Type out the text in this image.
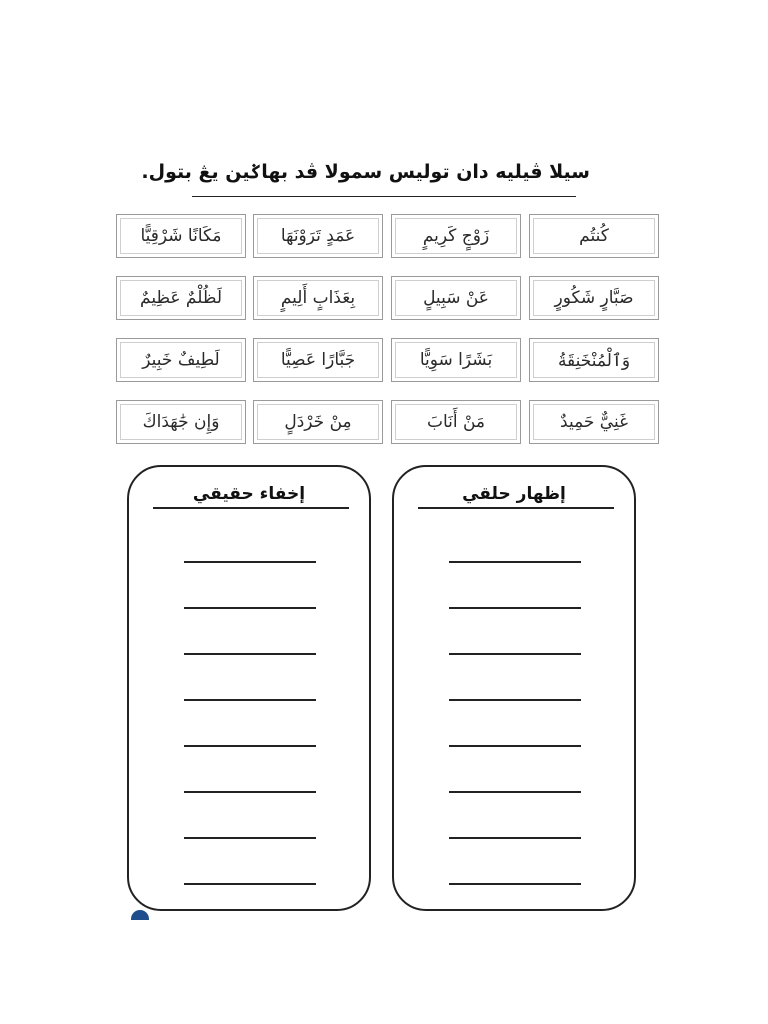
سيلا ڤيليه دان توليس سمولا ڤد بهاݢين يڠ بتول.
كُنتُم
زَوْجٍ كَرِيمٍ
عَمَدٍ تَرَوْنَهَا
مَكَانًا شَرْقِيًّا
صَبَّارٍ شَكُورٍ
عَنْ سَبِيلٍ
بِعَذَابٍ أَلِيمٍ
لَظُلْمٌ عَظِيمٌ
وَٱلْمُنْخَنِقَةُ
بَشَرًا سَوِيًّا
جَبَّارًا عَصِيًّا
لَطِيفٌ خَبِيرٌ
غَنِيٌّ حَمِيدٌ
مَنْ أَنَابَ
مِنْ خَرْدَلٍ
وَإِن جَٰهَدَاكَ
إظهار حلقي
إخفاء حقيقي
